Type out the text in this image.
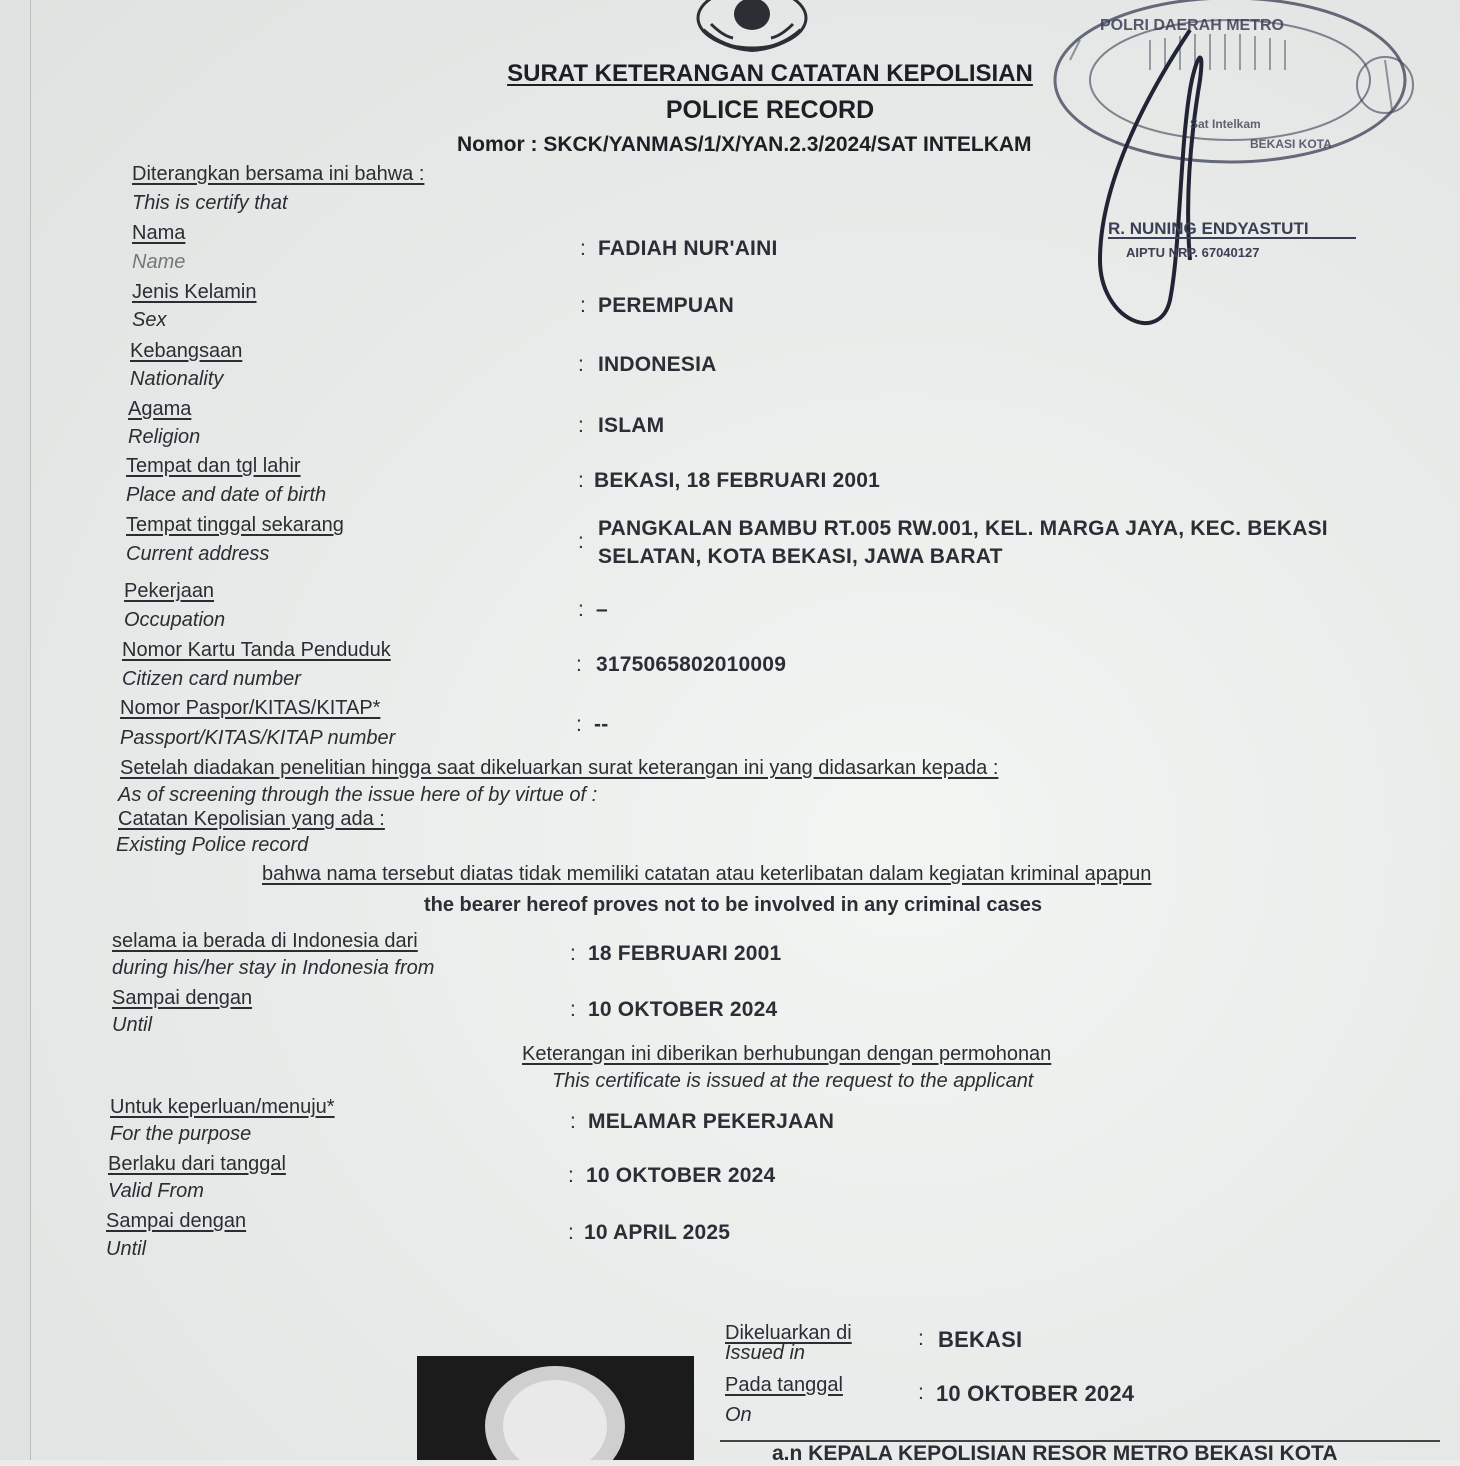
POLRI DAERAH METRO
Sat Intelkam
BEKASI KOTA
R. NUNING ENDYASTUTI
AIPTU NRP. 67040127
SURAT KETERANGAN CATATAN KEPOLISIAN
POLICE RECORD
Nomor : SKCK/YANMAS/1/X/YAN.2.3/2024/SAT INTELKAM
Diterangkan bersama ini bahwa :
This is certify that
Nama
Name
: FADIAH NUR'AINI
Jenis Kelamin
Sex
: PEREMPUAN
Kebangsaan
Nationality
: INDONESIA
Agama
Religion	: ISLAM
Tempat dan tgl lahir
Place and date of birth
: BEKASI, 18 FEBRUARI 2001
Tempat tinggal sekarang
Current address
:
PANGKALAN BAMBU RT.005 RW.001, KEL. MARGA JAYA, KEC. BEKASI
SELATAN, KOTA BEKASI, JAWA BARAT
Pekerjaan
Occupation	: –
Nomor Kartu Tanda Penduduk
Citizen card number
: 3175065802010009
Nomor Paspor/KITAS/KITAP*
Passport/KITAS/KITAP number
: --
Setelah diadakan penelitian hingga saat dikeluarkan surat keterangan ini yang didasarkan kepada :
As of screening through the issue here of by virtue of :
Catatan Kepolisian yang ada :
Existing Police record
bahwa nama tersebut diatas tidak memiliki catatan atau keterlibatan dalam kegiatan kriminal apapun
the bearer hereof proves not to be involved in any criminal cases
selama ia berada di Indonesia dari
during his/her stay in Indonesia from
: 18 FEBRUARI 2001
Sampai dengan
Until
: 10 OKTOBER 2024
Keterangan ini diberikan berhubungan dengan permohonan
This certificate is issued at the request to the applicant
Untuk keperluan/menuju*
For the purpose
: MELAMAR PEKERJAAN
Berlaku dari tanggal
Valid From
: 10 OKTOBER 2024
Sampai dengan
Until
: 10 APRIL 2025
Dikeluarkan di
Issued in
: BEKASI
Pada tanggal
On
: 10 OKTOBER 2024
a.n KEPALA KEPOLISIAN RESOR METRO BEKASI KOTA
